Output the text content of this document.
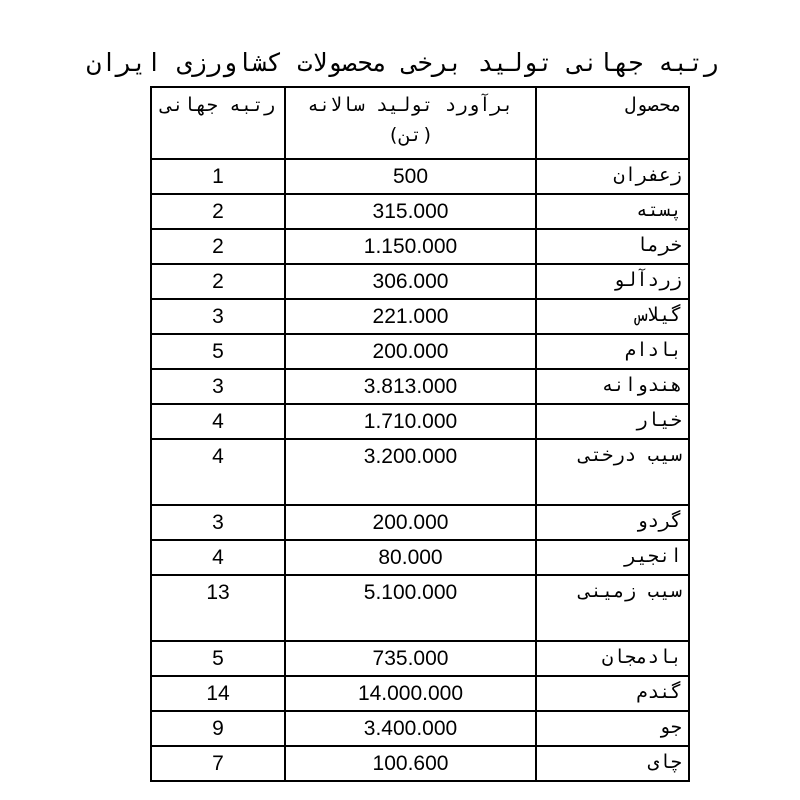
رتبه جهانی تولید برخی محصولات کشاورزی ایران
رتبه جهانی	برآورد تولید سالانه (تن)	محصول
1	500	زعفران
2	315.000	پسته
2	1.150.000	خرما
2	306.000	زردآلو
3	221.000	گیلاس
5	200.000	بادام
3	3.813.000	هندوانه
4	1.710.000	خیار
4	3.200.000	سیب درختی
3	200.000	گردو
4	80.000	انجیر
13	5.100.000	سیب زمینی
5	735.000	بادمجان
14	14.000.000	گندم
9	3.400.000	جو
7	100.600	چای
